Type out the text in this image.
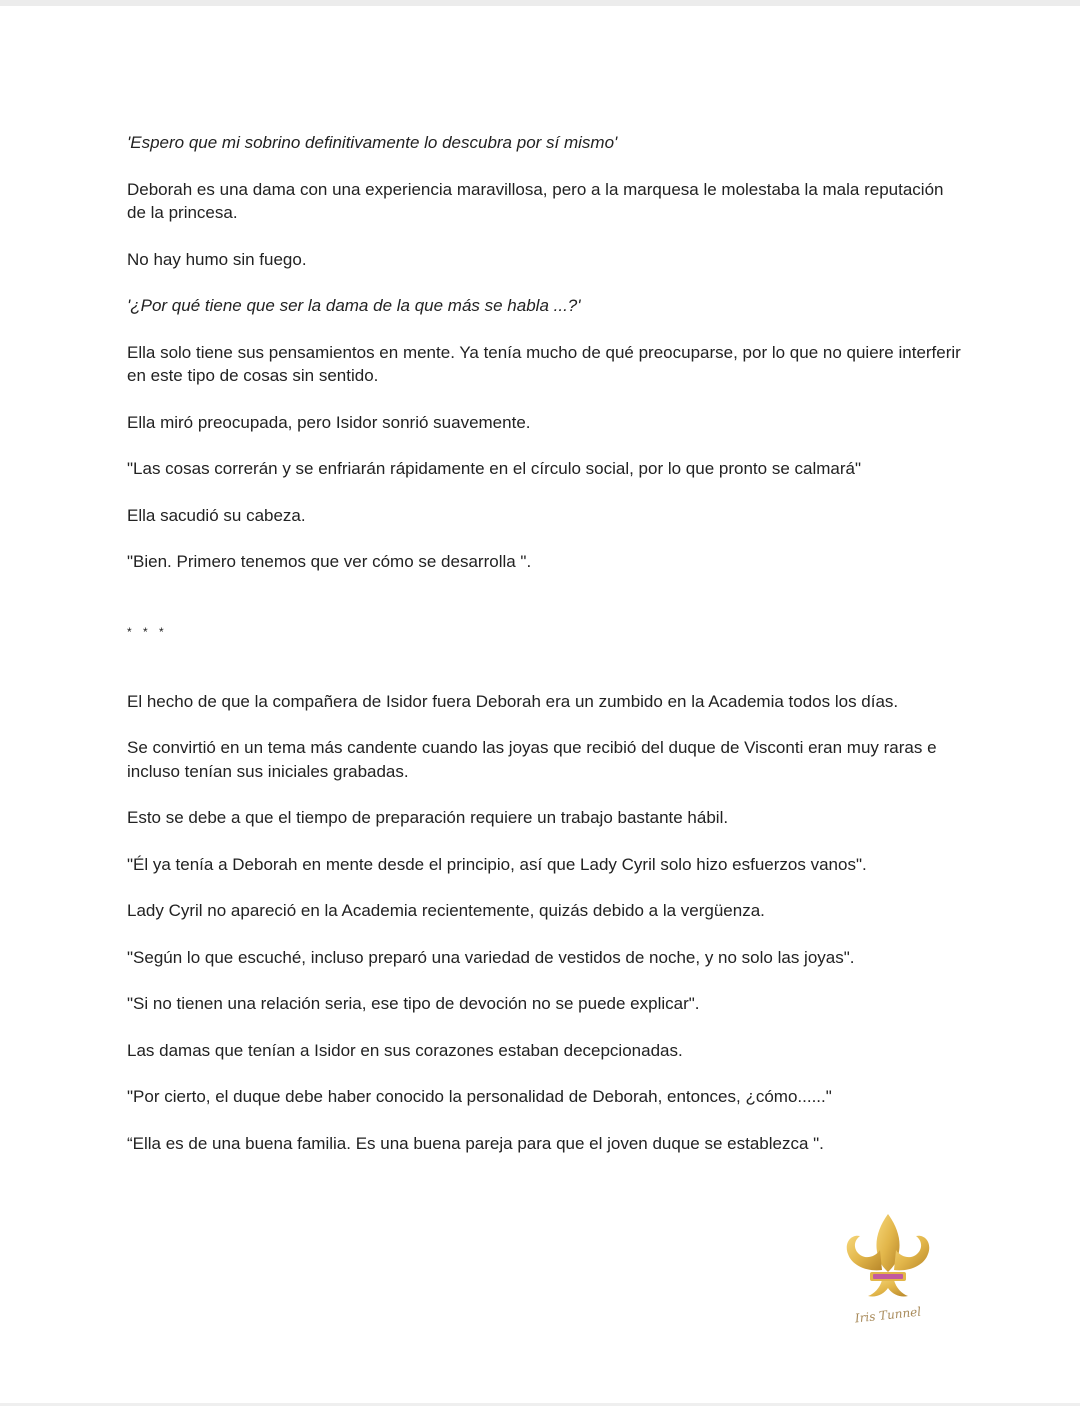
'Espero que mi sobrino definitivamente lo descubra por sí mismo'

Deborah es una dama con una experiencia maravillosa, pero a la marquesa le molestaba la mala reputación de la princesa.

No hay humo sin fuego.

'¿Por qué tiene que ser la dama de la que más se habla ...?'

Ella solo tiene sus pensamientos en mente. Ya tenía mucho de qué preocuparse, por lo que no quiere interferir en este tipo de cosas sin sentido.

Ella miró preocupada, pero Isidor sonrió suavemente.

"Las cosas correrán y se enfriarán rápidamente en el círculo social, por lo que pronto se calmará"

Ella sacudió su cabeza.

"Bien. Primero tenemos que ver cómo se desarrolla ".

* * *

El hecho de que la compañera de Isidor fuera Deborah era un zumbido en la Academia todos los días.

Se convirtió en un tema más candente cuando las joyas que recibió del duque de Visconti eran muy raras e incluso tenían sus iniciales grabadas.

Esto se debe a que el tiempo de preparación requiere un trabajo bastante hábil.

"Él ya tenía a Deborah en mente desde el principio, así que Lady Cyril solo hizo esfuerzos vanos".

Lady Cyril no apareció en la Academia recientemente, quizás debido a la vergüenza.

"Según lo que escuché, incluso preparó una variedad de vestidos de noche, y no solo las joyas".

"Si no tienen una relación seria, ese tipo de devoción no se puede explicar".

Las damas que tenían a Isidor en sus corazones estaban decepcionadas.

"Por cierto, el duque debe haber conocido la personalidad de Deborah, entonces, ¿cómo......"

“Ella es de una buena familia. Es una buena pareja para que el joven duque se establezca ".

Iris Tunnel
